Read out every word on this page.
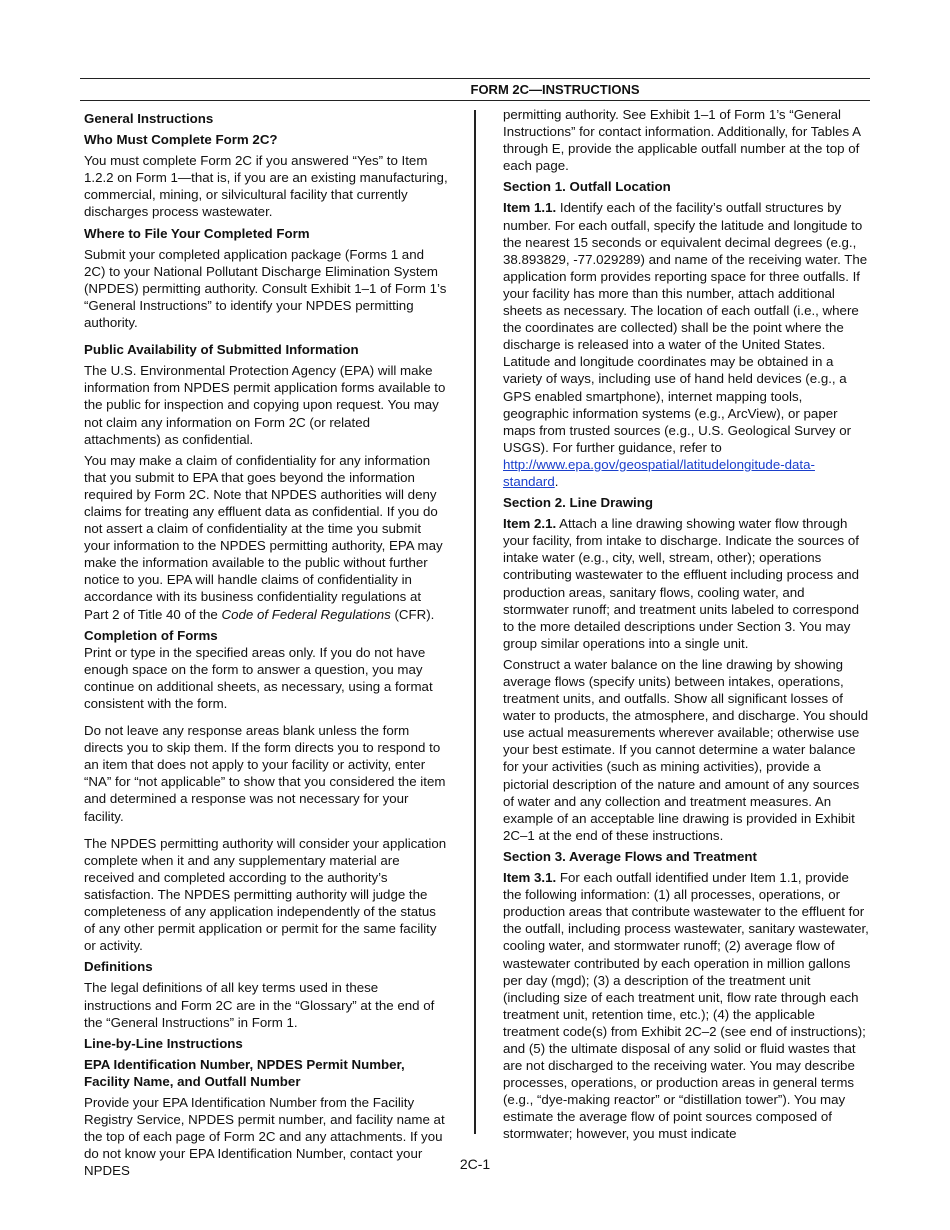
FORM 2C—INSTRUCTIONS

General Instructions

Who Must Complete Form 2C?

You must complete Form 2C if you answered “Yes” to Item 1.2.2 on Form 1—that is, if you are an existing manufacturing, commercial, mining, or silvicultural facility that currently discharges process wastewater.

Where to File Your Completed Form

Submit your completed application package (Forms 1 and 2C) to your National Pollutant Discharge Elimination System (NPDES) permitting authority. Consult Exhibit 1–1 of Form 1’s “General Instructions” to identify your NPDES permitting authority.

Public Availability of Submitted Information

The U.S. Environmental Protection Agency (EPA) will make information from NPDES permit application forms available to the public for inspection and copying upon request. You may not claim any information on Form 2C (or related attachments) as confidential.

You may make a claim of confidentiality for any information that you submit to EPA that goes beyond the information required by Form 2C. Note that NPDES authorities will deny claims for treating any effluent data as confidential. If you do not assert a claim of confidentiality at the time you submit your information to the NPDES permitting authority, EPA may make the information available to the public without further notice to you. EPA will handle claims of confidentiality in accordance with its business confidentiality regulations at Part 2 of Title 40 of the Code of Federal Regulations (CFR).

Completion of Forms

Print or type in the specified areas only. If you do not have enough space on the form to answer a question, you may continue on additional sheets, as necessary, using a format consistent with the form.

Do not leave any response areas blank unless the form directs you to skip them. If the form directs you to respond to an item that does not apply to your facility or activity, enter “NA” for “not applicable” to show that you considered the item and determined a response was not necessary for your facility.

The NPDES permitting authority will consider your application complete when it and any supplementary material are received and completed according to the authority’s satisfaction. The NPDES permitting authority will judge the completeness of any application independently of the status of any other permit application or permit for the same facility or activity.

Definitions

The legal definitions of all key terms used in these instructions and Form 2C are in the “Glossary” at the end of the “General Instructions” in Form 1.

Line-by-Line Instructions

EPA Identification Number, NPDES Permit Number, Facility Name, and Outfall Number

Provide your EPA Identification Number from the Facility Registry Service, NPDES permit number, and facility name at the top of each page of Form 2C and any attachments. If you do not know your EPA Identification Number, contact your NPDES

permitting authority. See Exhibit 1–1 of Form 1’s “General Instructions” for contact information. Additionally, for Tables A through E, provide the applicable outfall number at the top of each page.

Section 1. Outfall Location

Item 1.1. Identify each of the facility’s outfall structures by number. For each outfall, specify the latitude and longitude to the nearest 15 seconds or equivalent decimal degrees (e.g., 38.893829, -77.029289) and name of the receiving water. The application form provides reporting space for three outfalls. If your facility has more than this number, attach additional sheets as necessary. The location of each outfall (i.e., where the coordinates are collected) shall be the point where the discharge is released into a water of the United States. Latitude and longitude coordinates may be obtained in a variety of ways, including use of hand held devices (e.g., a GPS enabled smartphone), internet mapping tools, geographic information systems (e.g., ArcView), or paper maps from trusted sources (e.g., U.S. Geological Survey or USGS). For further guidance, refer to http://www.epa.gov/geospatial/latitudelongitude-data-standard.

Section 2. Line Drawing

Item 2.1. Attach a line drawing showing water flow through your facility, from intake to discharge. Indicate the sources of intake water (e.g., city, well, stream, other); operations contributing wastewater to the effluent including process and production areas, sanitary flows, cooling water, and stormwater runoff; and treatment units labeled to correspond to the more detailed descriptions under Section 3. You may group similar operations into a single unit.

Construct a water balance on the line drawing by showing average flows (specify units) between intakes, operations, treatment units, and outfalls. Show all significant losses of water to products, the atmosphere, and discharge. You should use actual measurements wherever available; otherwise use your best estimate. If you cannot determine a water balance for your activities (such as mining activities), provide a pictorial description of the nature and amount of any sources of water and any collection and treatment measures. An example of an acceptable line drawing is provided in Exhibit 2C–1 at the end of these instructions.

Section 3. Average Flows and Treatment

Item 3.1. For each outfall identified under Item 1.1, provide the following information: (1) all processes, operations, or production areas that contribute wastewater to the effluent for the outfall, including process wastewater, sanitary wastewater, cooling water, and stormwater runoff; (2) average flow of wastewater contributed by each operation in million gallons per day (mgd); (3) a description of the treatment unit (including size of each treatment unit, flow rate through each treatment unit, retention time, etc.); (4) the applicable treatment code(s) from Exhibit 2C–2 (see end of instructions); and (5) the ultimate disposal of any solid or fluid wastes that are not discharged to the receiving water. You may describe processes, operations, or production areas in general terms (e.g., “dye-making reactor” or “distillation tower”). You may estimate the average flow of point sources composed of stormwater; however, you must indicate

2C-1
